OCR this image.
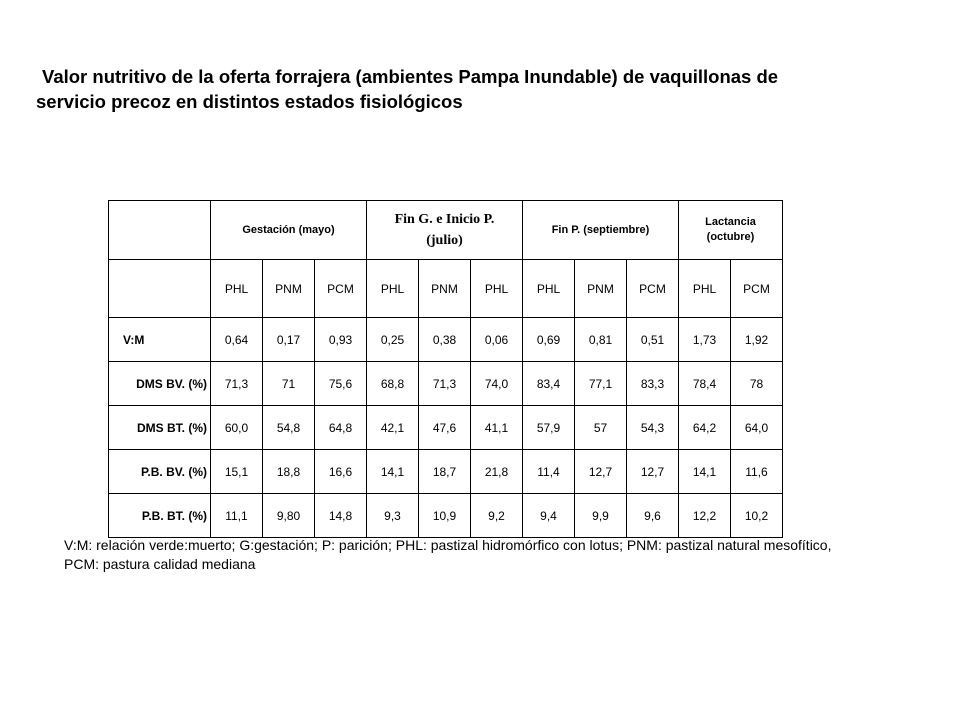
Valor nutritivo de la oferta forrajera (ambientes Pampa Inundable) de vaquillonas de
servicio precoz en distintos estados fisiológicos
	Gestación (mayo)			Fin G. e Inicio P.
(julio)			Fin P. (septiembre)			Lactancia
(octubre)	
	PHL	PNM	PCM	PHL	PNM	PHL	PHL	PNM	PCM	PHL	PCM
V:M	0,64	0,17	0,93	0,25	0,38	0,06	0,69	0,81	0,51	1,73	1,92
DMS BV. (%)	71,3	71	75,6	68,8	71,3	74,0	83,4	77,1	83,3	78,4	78
DMS BT. (%)	60,0	54,8	64,8	42,1	47,6	41,1	57,9	57	54,3	64,2	64,0
P.B. BV. (%)	15,1	18,8	16,6	14,1	18,7	21,8	11,4	12,7	12,7	14,1	11,6
P.B. BT. (%)	11,1	9,80	14,8	9,3	10,9	9,2	9,4	9,9	9,6	12,2	10,2

V:M: relación verde:muerto; G:gestación; P: parición; PHL: pastizal hidromórfico con lotus; PNM: pastizal natural mesofítico,
PCM: pastura calidad mediana
